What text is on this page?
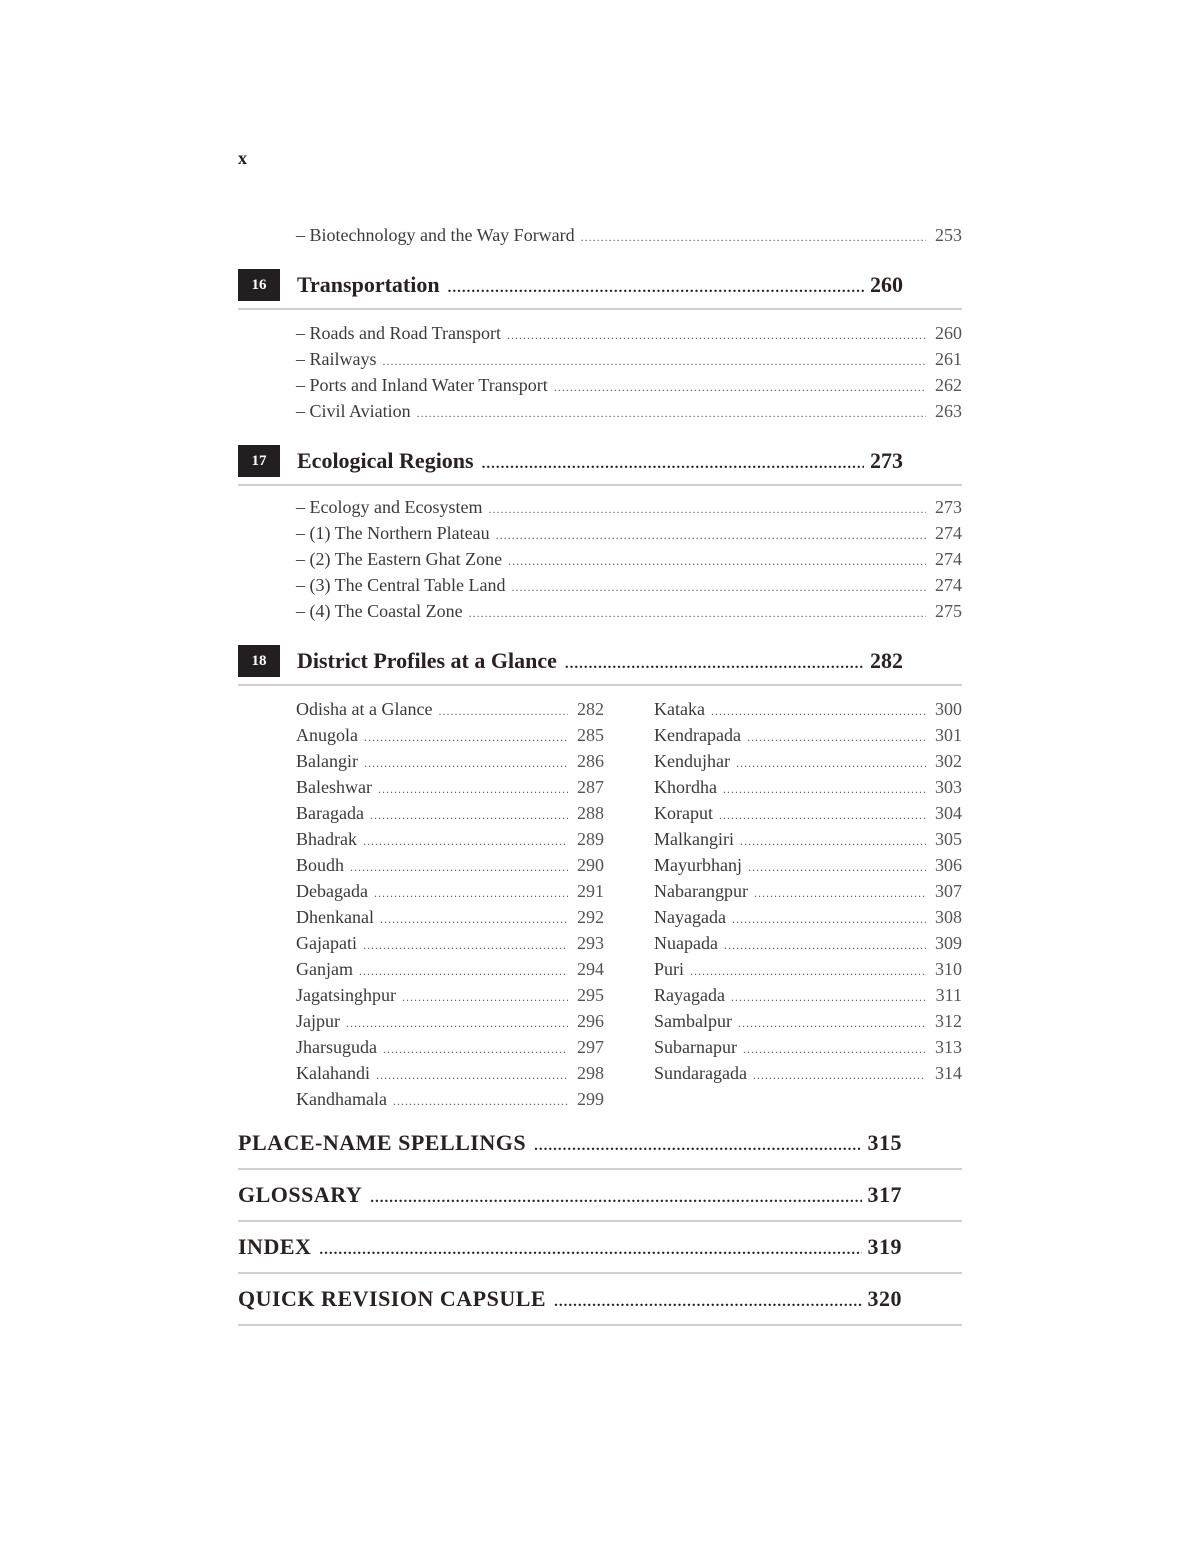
x
– Biotechnology and the Way Forward .....	253
16	Transportation .....	260
– Roads and Road Transport .....	260
– Railways .....	261
– Ports and Inland Water Transport .....	262
– Civil Aviation .....	263
17	Ecological Regions .....	273
– Ecology and Ecosystem .....	273
– (1) The Northern Plateau .....	274
– (2) The Eastern Ghat Zone .....	274
– (3) The Central Table Land .....	274
– (4) The Coastal Zone .....	275
18	District Profiles at a Glance .....	282
Odisha at a Glance .....	282
Anugola .....	285
Balangir .....	286
Baleshwar .....	287
Baragada .....	288
Bhadrak .....	289
Boudh .....	290
Debagada .....	291
Dhenkanal .....	292
Gajapati .....	293
Ganjam .....	294
Jagatsinghpur .....	295
Jajpur .....	296
Jharsuguda .....	297
Kalahandi .....	298
Kandhamala .....	299
Kataka .....	300
Kendrapada .....	301
Kendujhar .....	302
Khordha .....	303
Koraput .....	304
Malkangiri .....	305
Mayurbhanj .....	306
Nabarangpur .....	307
Nayagada .....	308
Nuapada .....	309
Puri .....	310
Rayagada .....	311
Sambalpur .....	312
Subarnapur .....	313
Sundaragada .....	314
PLACE-NAME SPELLINGS .....	315
GLOSSARY .....	317
INDEX .....	319
QUICK REVISION CAPSULE .....	320
